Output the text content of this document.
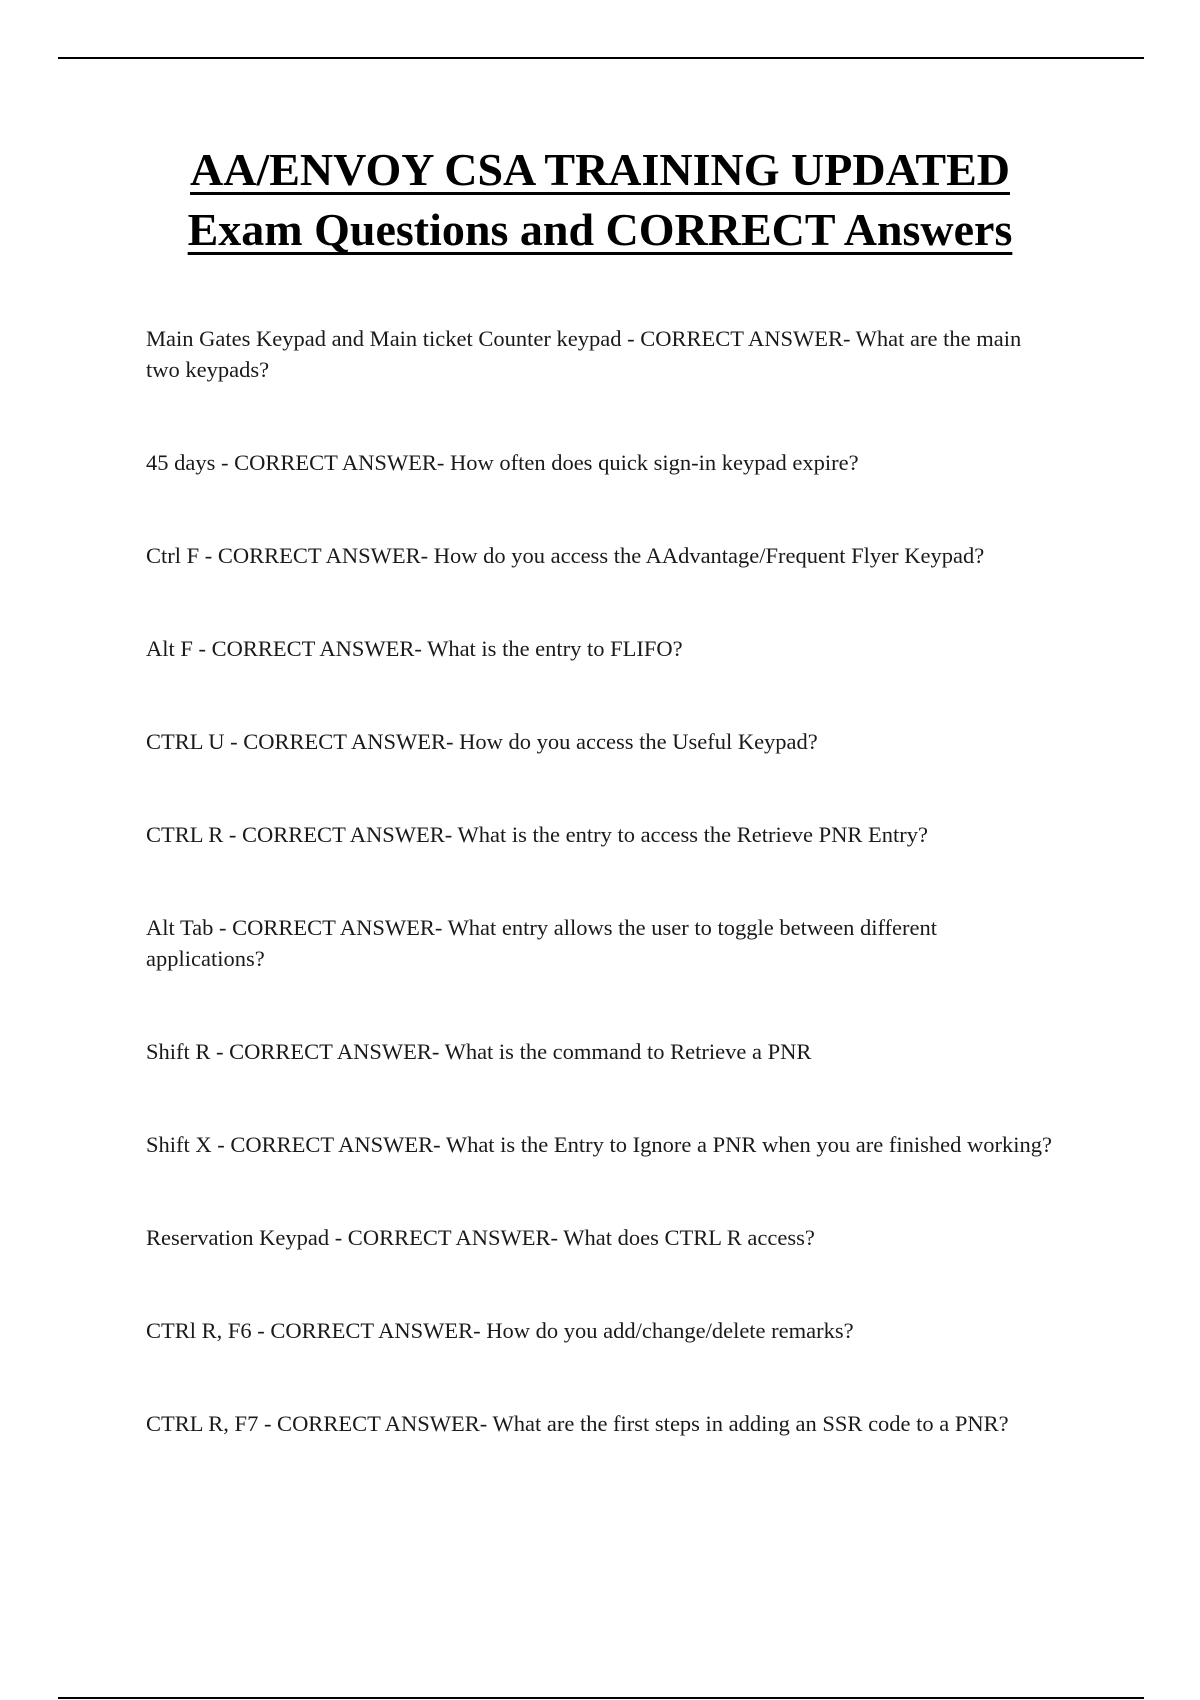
AA/ENVOY CSA TRAINING UPDATED
Exam Questions and CORRECT Answers
Main Gates Keypad and Main ticket Counter keypad - CORRECT ANSWER- What are the main two keypads?
45 days - CORRECT ANSWER- How often does quick sign-in keypad expire?
Ctrl F - CORRECT ANSWER- How do you access the AAdvantage/Frequent Flyer Keypad?
Alt F - CORRECT ANSWER- What is the entry to FLIFO?
CTRL U - CORRECT ANSWER- How do you access the Useful Keypad?
CTRL R - CORRECT ANSWER- What is the entry to access the Retrieve PNR Entry?
Alt Tab - CORRECT ANSWER- What entry allows the user to toggle between different applications?
Shift R - CORRECT ANSWER- What is the command to Retrieve a PNR
Shift X - CORRECT ANSWER- What is the Entry to Ignore a PNR when you are finished working?
Reservation Keypad - CORRECT ANSWER- What does CTRL R access?
CTRl R, F6 - CORRECT ANSWER- How do you add/change/delete remarks?
CTRL R, F7 - CORRECT ANSWER- What are the first steps in adding an SSR code to a PNR?
